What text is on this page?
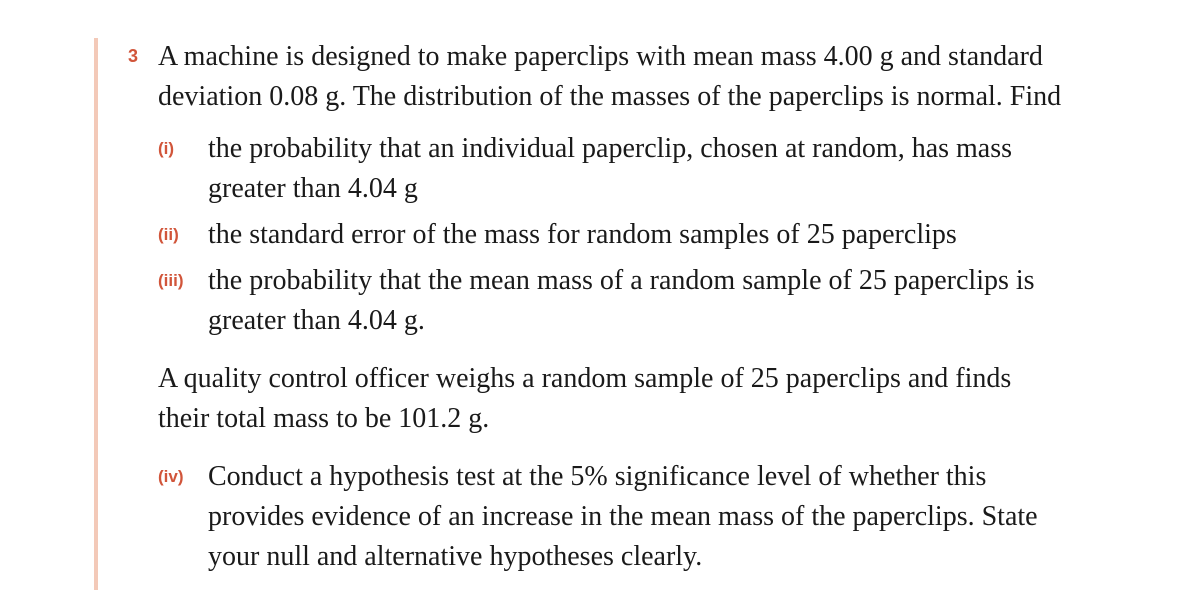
3 A machine is designed to make paperclips with mean mass 4.00 g and standard
deviation 0.08 g. The distribution of the masses of the paperclips is normal. Find
(i) the probability that an individual paperclip, chosen at random, has mass
greater than 4.04 g
(ii) the standard error of the mass for random samples of 25 paperclips
(iii) the probability that the mean mass of a random sample of 25 paperclips is
greater than 4.04 g.
A quality control officer weighs a random sample of 25 paperclips and finds
their total mass to be 101.2 g.
(iv) Conduct a hypothesis test at the 5% significance level of whether this
provides evidence of an increase in the mean mass of the paperclips. State
your null and alternative hypotheses clearly.
